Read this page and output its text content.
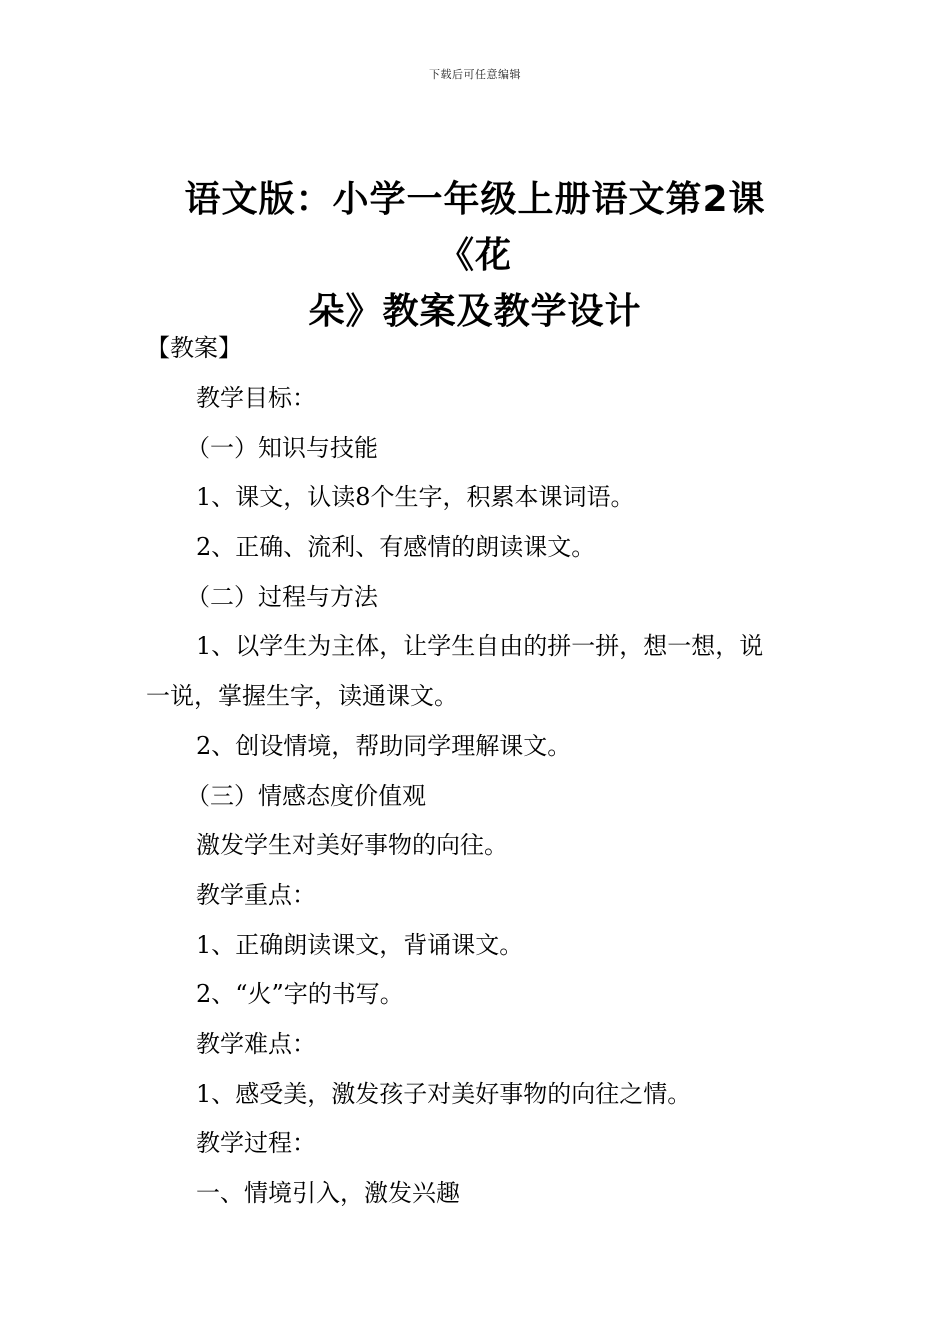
下载后可任意编辑
语文版：小学一年级上册语文第2课《花
朵》教案及教学设计
【教案】
教学目标：
（一）知识与技能
1、课文，认读8个生字，积累本课词语。
2、正确、流利、有感情的朗读课文。
（二）过程与方法
1、以学生为主体，让学生自由的拼一拼，想一想，说
一说，掌握生字，读通课文。
2、创设情境，帮助同学理解课文。
（三）情感态度价值观
激发学生对美好事物的向往。
教学重点：
1、正确朗读课文，背诵课文。
2、“火”字的书写。
教学难点：
1、感受美，激发孩子对美好事物的向往之情。
教学过程：
一、情境引入，激发兴趣
